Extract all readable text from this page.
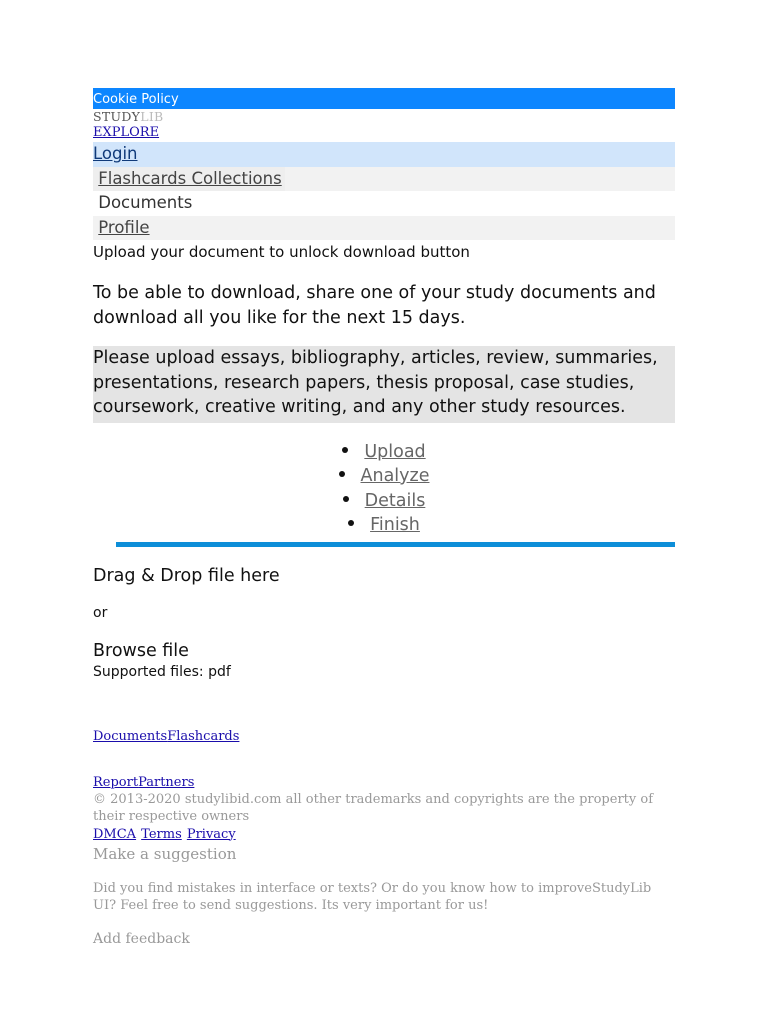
Cookie Policy
STUDYLIB
EXPLORE
Login
Flashcards Collections
Documents
Profile
Upload your document to unlock download button
To be able to download, share one of your study documents and download all you like for the next 15 days.
Please upload essays, bibliography, articles, review, summaries, presentations, research papers, thesis proposal, case studies, coursework, creative writing, and any other study resources.
Upload
Analyze
Details
Finish
Drag & Drop file here
or
Browse file
Supported files: pdf
DocumentsFlashcards
ReportPartners
© 2013-2020 studylibid.com all other trademarks and copyrights are the property of their respective owners
DMCA Terms Privacy
Make a suggestion
Did you find mistakes in interface or texts? Or do you know how to improveStudyLib UI? Feel free to send suggestions. Its very important for us!
Add feedback
